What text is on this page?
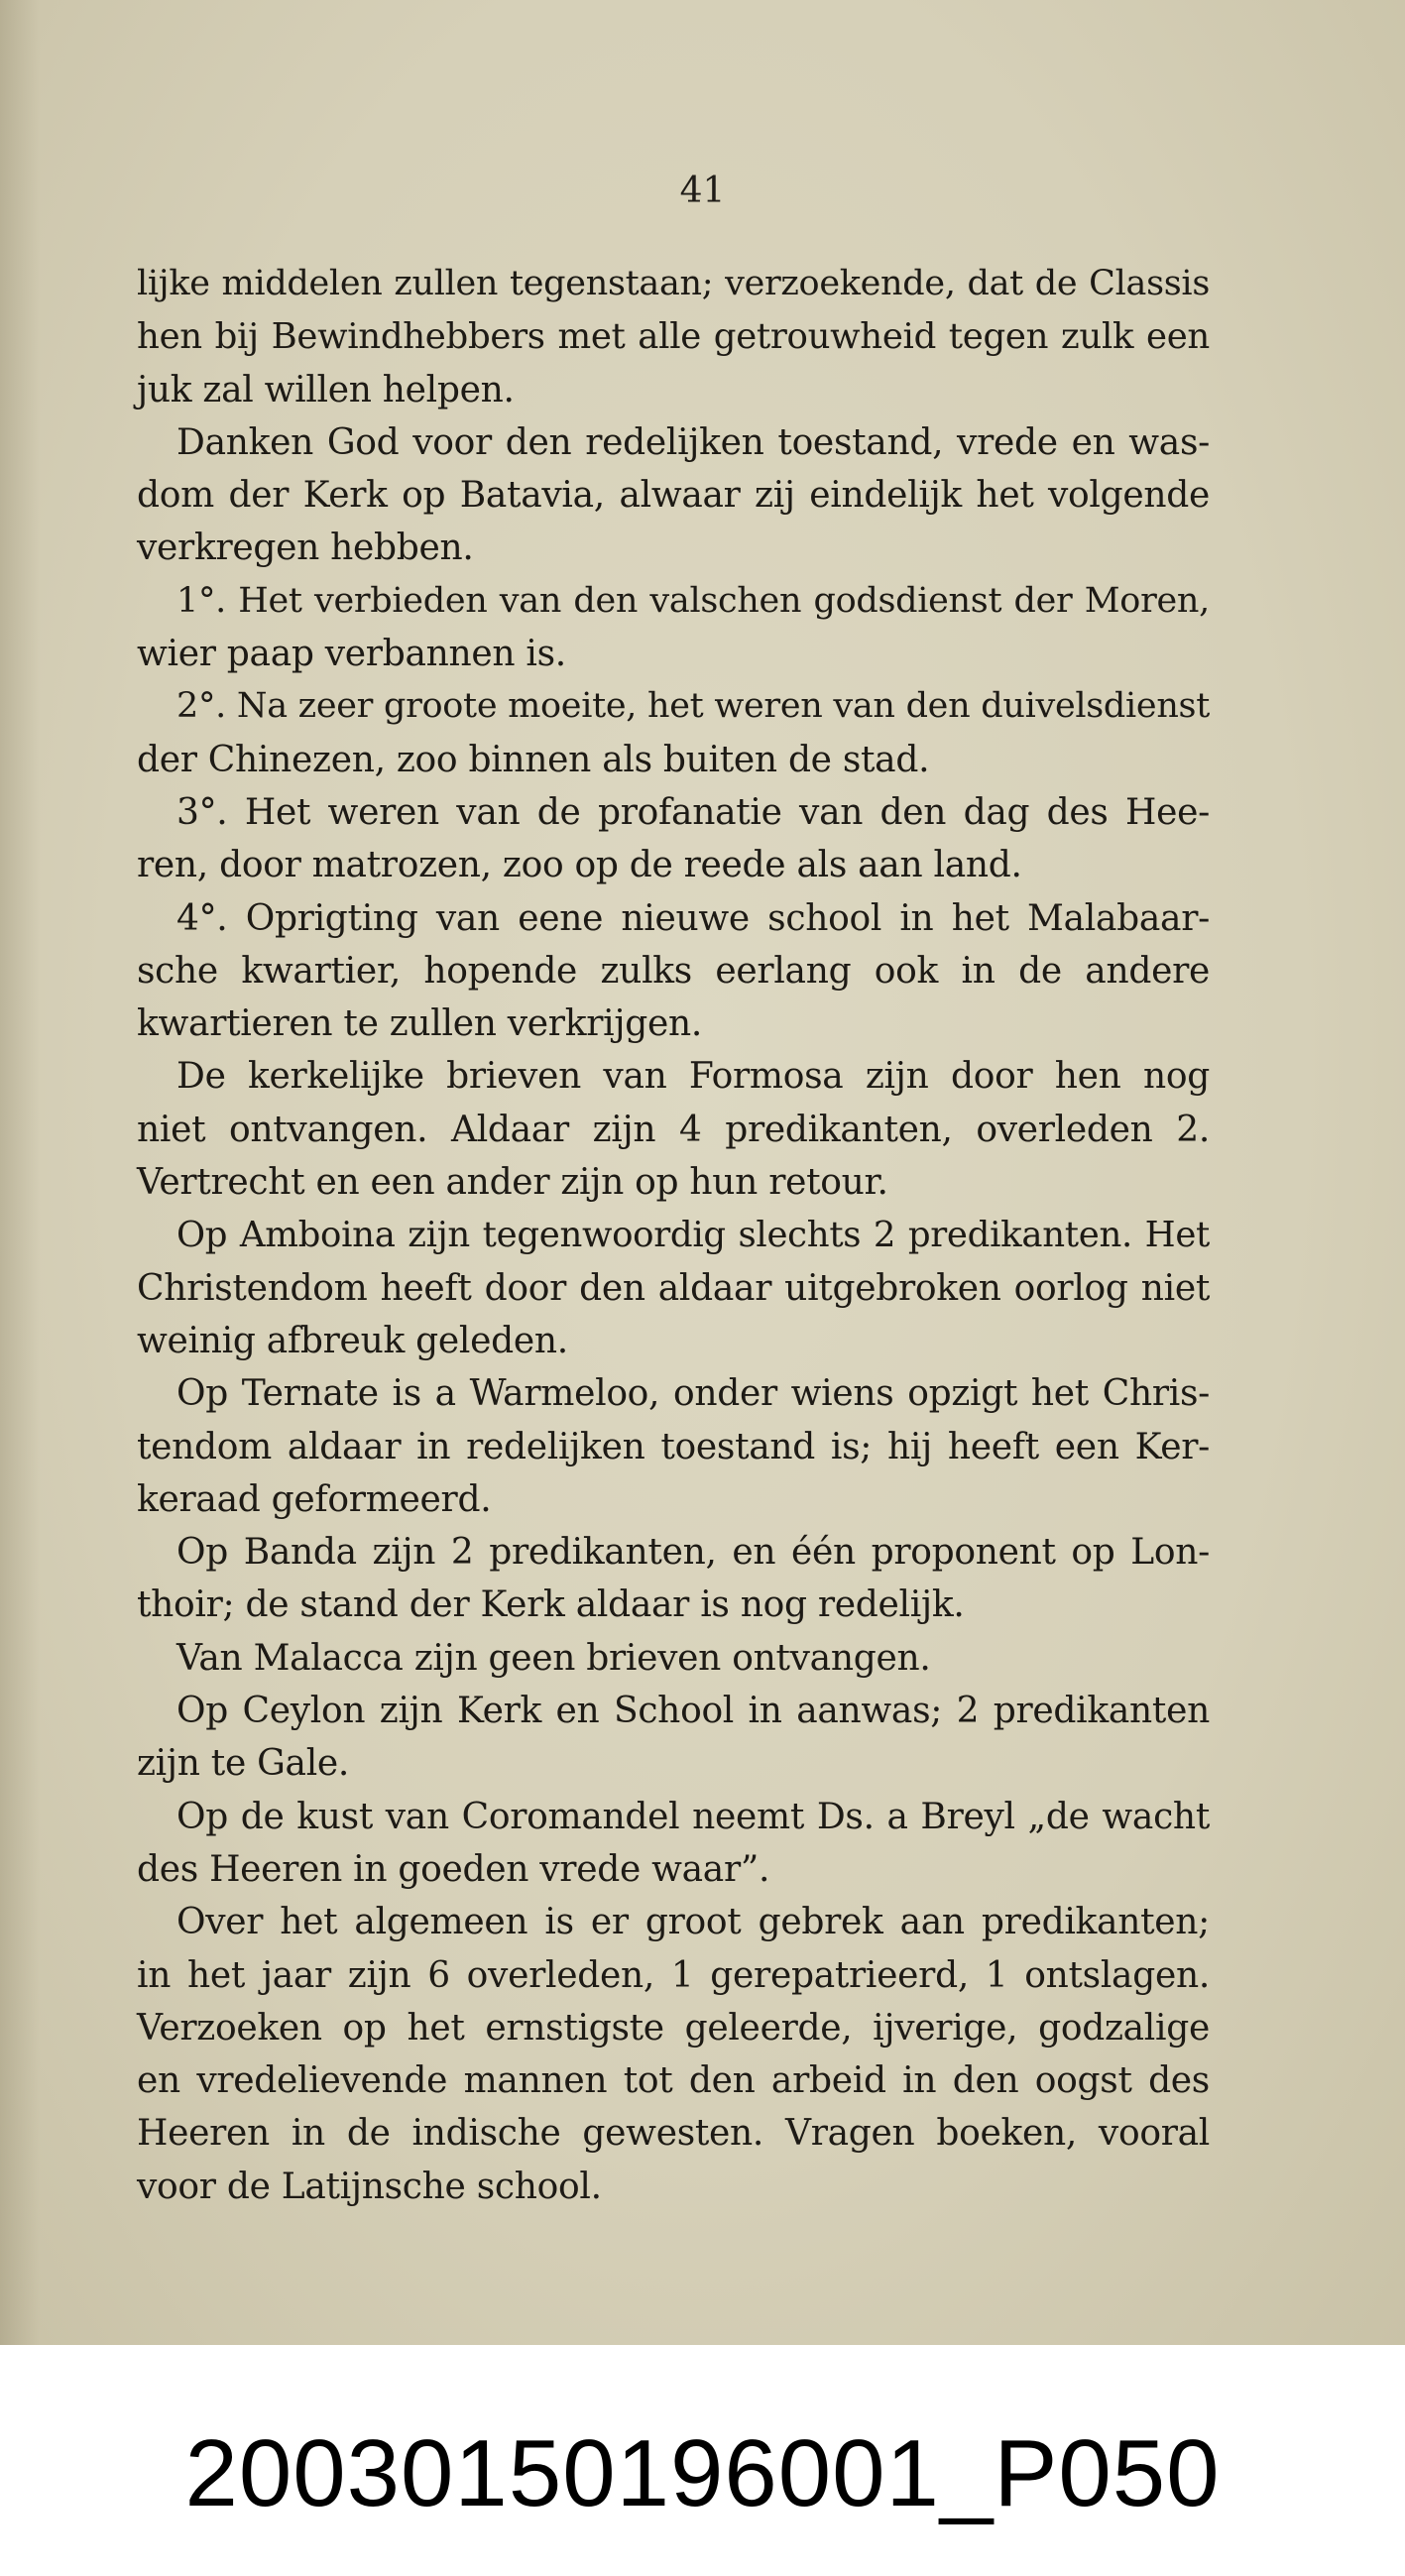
41
lijke middelen zullen tegenstaan; verzoekende, dat de Classis
hen bij Bewindhebbers met alle getrouwheid tegen zulk een
juk zal willen helpen.
Danken God voor den redelijken toestand, vrede en was-
dom der Kerk op Batavia, alwaar zij eindelijk het volgende
verkregen hebben.
1°. Het verbieden van den valschen godsdienst der Moren,
wier paap verbannen is.
2°. Na zeer groote moeite, het weren van den duivelsdienst
der Chinezen, zoo binnen als buiten de stad.
3°. Het weren van de profanatie van den dag des Hee-
ren, door matrozen, zoo op de reede als aan land.
4°. Oprigting van eene nieuwe school in het Malabaar-
sche kwartier, hopende zulks eerlang ook in de andere
kwartieren te zullen verkrijgen.
De kerkelijke brieven van Formosa zijn door hen nog
niet ontvangen. Aldaar zijn 4 predikanten, overleden 2.
Vertrecht en een ander zijn op hun retour.
Op Amboina zijn tegenwoordig slechts 2 predikanten. Het
Christendom heeft door den aldaar uitgebroken oorlog niet
weinig afbreuk geleden.
Op Ternate is a Warmeloo, onder wiens opzigt het Chris-
tendom aldaar in redelijken toestand is; hij heeft een Ker-
keraad geformeerd.
Op Banda zijn 2 predikanten, en één proponent op Lon-
thoir; de stand der Kerk aldaar is nog redelijk.
Van Malacca zijn geen brieven ontvangen.
Op Ceylon zijn Kerk en School in aanwas; 2 predikanten
zijn te Gale.
Op de kust van Coromandel neemt Ds. a Breyl „de wacht
des Heeren in goeden vrede waar”.
Over het algemeen is er groot gebrek aan predikanten;
in het jaar zijn 6 overleden, 1 gerepatrieerd, 1 ontslagen.
Verzoeken op het ernstigste geleerde, ijverige, godzalige
en vredelievende mannen tot den arbeid in den oogst des
Heeren in de indische gewesten. Vragen boeken, vooral
voor de Latijnsche school.
20030150196001_P050
